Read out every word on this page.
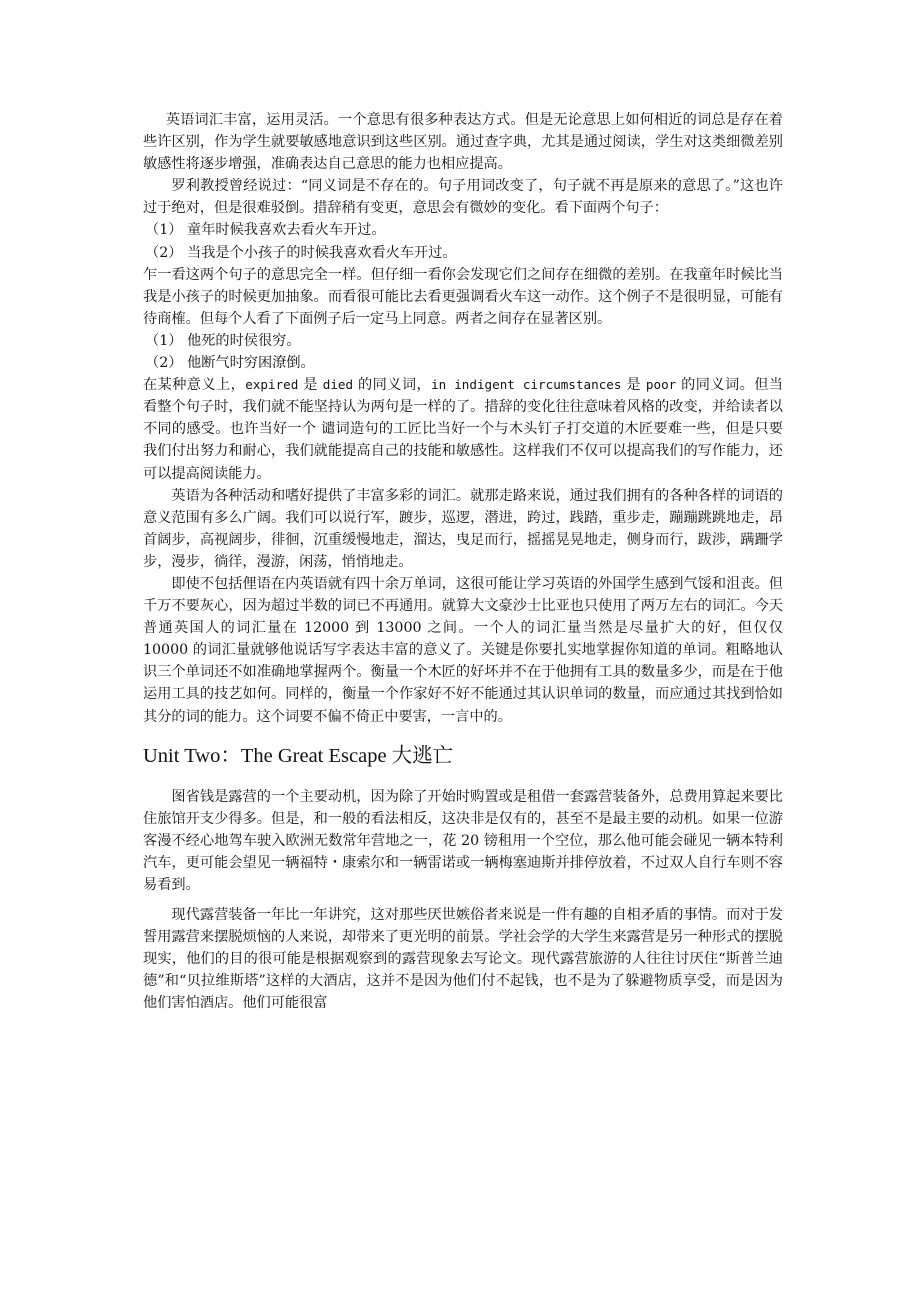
英语词汇丰富，运用灵活。一个意思有很多种表达方式。但是无论意思上如何相近的词总是存在着些许区别，作为学生就要敏感地意识到这些区别。通过查字典，尤其是通过阅读，学生对这类细微差别敏感性将逐步增强，准确表达自己意思的能力也相应提高。

罗利教授曾经说过：“同义词是不存在的。句子用词改变了，句子就不再是原来的意思了。”这也许过于绝对，但是很难驳倒。措辞稍有变更，意思会有微妙的变化。看下面两个句子：

（1） 童年时候我喜欢去看火车开过。

（2） 当我是个小孩子的时候我喜欢看火车开过。

乍一看这两个句子的意思完全一样。但仔细一看你会发现它们之间存在细微的差别。在我童年时候比当我是小孩子的时候更加抽象。而看很可能比去看更强调看火车这一动作。这个例子不是很明显，可能有待商榷。但每个人看了下面例子后一定马上同意。两者之间存在显著区别。

（1） 他死的时侯很穷。

（2） 他断气时穷困潦倒。

在某种意义上，expired 是 died 的同义词，in indigent circumstances 是 poor 的同义词。但当看整个句子时，我们就不能坚持认为两句是一样的了。措辞的变化往往意味着风格的改变，并给读者以不同的感受。也许当好一个 谴词造句的工匠比当好一个与木头钉子打交道的木匠要难一些，但是只要我们付出努力和耐心，我们就能提高自己的技能和敏感性。这样我们不仅可以提高我们的写作能力，还可以提高阅读能力。

英语为各种活动和嗜好提供了丰富多彩的词汇。就那走路来说，通过我们拥有的各种各样的词语的意义范围有多么广阔。我们可以说行军，踱步，巡逻，潜进，跨过，践踏，重步走，蹦蹦跳跳地走，昂首阔步，高视阔步，徘徊，沉重缓慢地走，溜达，曳足而行，摇摇晃晃地走，侧身而行，跋涉，蹒跚学步，漫步，徜徉，漫游，闲荡，悄悄地走。

即使不包括俚语在内英语就有四十余万单词，这很可能让学习英语的外国学生感到气馁和沮丧。但千万不要灰心，因为超过半数的词已不再通用。就算大文豪沙士比亚也只使用了两万左右的词汇。今天普通英国人的词汇量在 12000 到 13000 之间。一个人的词汇量当然是尽量扩大的好，但仅仅 10000 的词汇量就够他说话写字表达丰富的意义了。关键是你要扎实地掌握你知道的单词。粗略地认识三个单词还不如准确地掌握两个。衡量一个木匠的好坏并不在于他拥有工具的数量多少，而是在于他运用工具的技艺如何。同样的，衡量一个作家好不好不能通过其认识单词的数量，而应通过其找到恰如其分的词的能力。这个词要不偏不倚正中要害，一言中的。

Unit Two：The Great Escape 大逃亡

图省钱是露营的一个主要动机，因为除了开始时购置或是租借一套露营装备外，总费用算起来要比住旅馆开支少得多。但是，和一般的看法相反，这决非是仅有的，甚至不是最主要的动机。如果一位游客漫不经心地驾车驶入欧洲无数常年营地之一，花 20 镑租用一个空位，那么他可能会碰见一辆本特利汽车，更可能会望见一辆福特・康索尔和一辆雷诺或一辆梅塞迪斯并排停放着，不过双人自行车则不容易看到。

现代露营装备一年比一年讲究，这对那些厌世嫉俗者来说是一件有趣的自相矛盾的事情。而对于发誓用露营来摆脱烦恼的人来说，却带来了更光明的前景。学社会学的大学生来露营是另一种形式的摆脱现实，他们的目的很可能是根据观察到的露营现象去写论文。现代露营旅游的人往往讨厌住“斯普兰迪德”和“贝拉维斯塔”这样的大酒店，这并不是因为他们付不起钱，也不是为了躲避物质享受，而是因为他们害怕酒店。他们可能很富
